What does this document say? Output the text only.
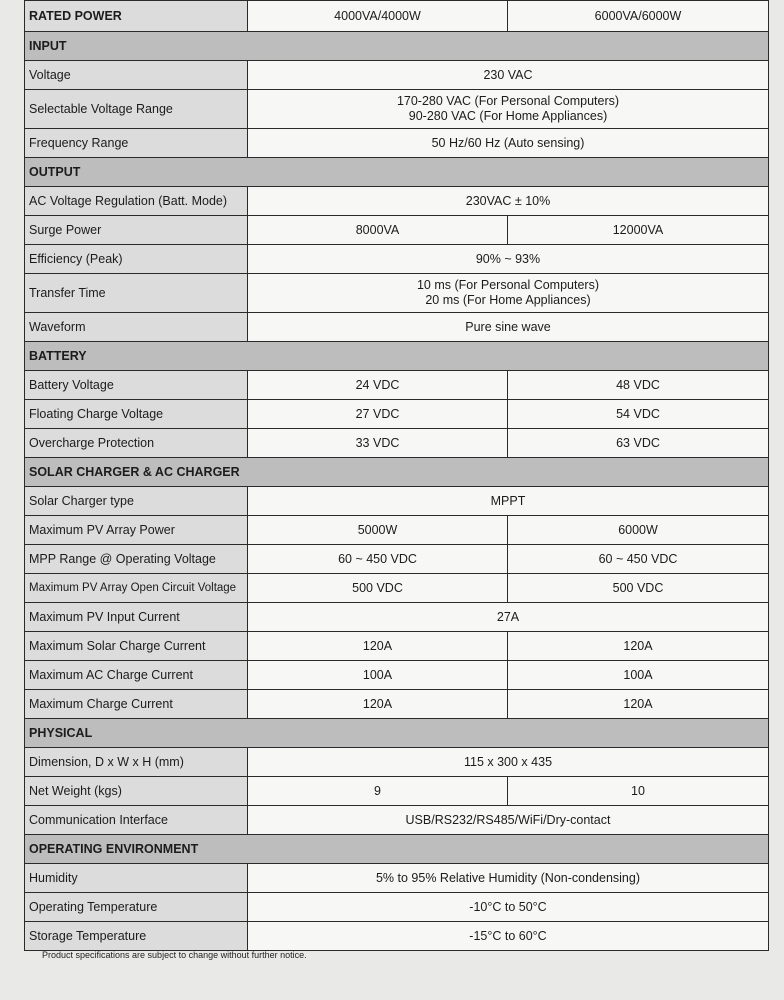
RATED POWER	4000VA/4000W	6000VA/6000W
INPUT		
Voltage	230 VAC	
Selectable Voltage Range	170-280 VAC (For Personal Computers)
90-280 VAC (For Home Appliances)	

Frequency Range	50 Hz/60 Hz (Auto sensing)	
OUTPUT		
AC Voltage Regulation (Batt. Mode)	230VAC ± 10%	
Surge Power	8000VA	12000VA
Efficiency (Peak)	90% ~ 93%	
Transfer Time	10 ms (For Personal Computers)
20 ms (For Home Appliances)	

Waveform	Pure sine wave	
BATTERY		
Battery Voltage	24 VDC	48 VDC
Floating Charge Voltage	27 VDC	54 VDC
Overcharge Protection	33 VDC	63 VDC
SOLAR CHARGER & AC CHARGER		
Solar Charger type	MPPT	
Maximum PV Array Power	5000W	6000W
MPP Range @ Operating Voltage	60 ~ 450 VDC	60 ~ 450 VDC
Maximum PV Array Open Circuit Voltage	500 VDC	500 VDC
Maximum PV Input Current	27A	
Maximum Solar Charge Current	120A	120A
Maximum AC Charge Current	100A	100A
Maximum Charge Current	120A	120A
PHYSICAL		
Dimension, D x W x H (mm)	115 x 300 x 435	
Net Weight (kgs)	9	10
Communication Interface	USB/RS232/RS485/WiFi/Dry-contact	
OPERATING ENVIRONMENT		
Humidity	5% to 95% Relative Humidity (Non-condensing)	
Operating Temperature	-10°C to 50°C	
Storage Temperature	-15°C to 60°C	
Product specifications are subject to change without further notice.
